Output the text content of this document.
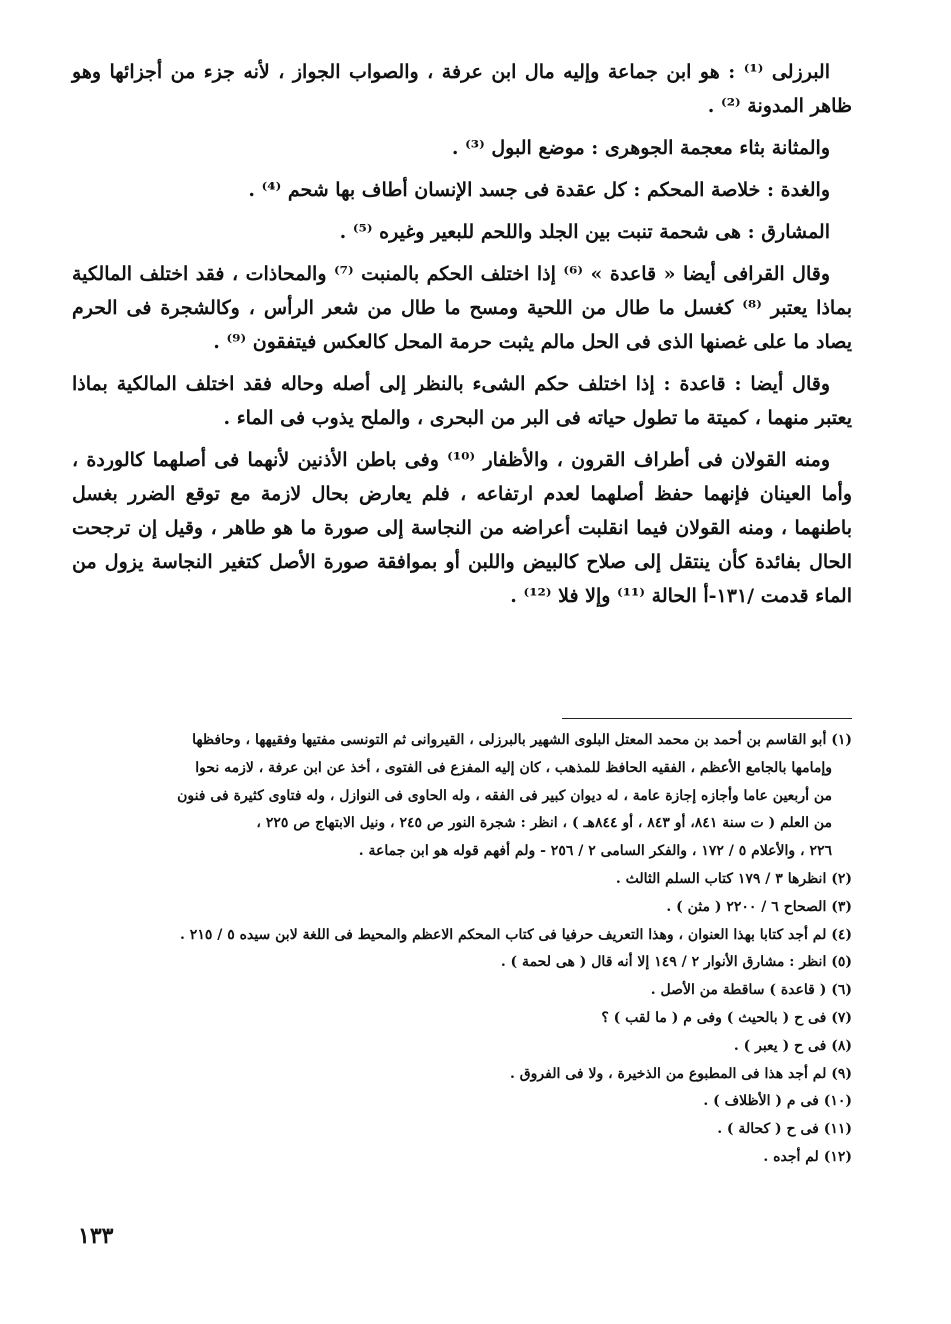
البرزلى ⁽¹⁾ : هو ابن جماعة وإليه مال ابن عرفة ، والصواب الجواز ، لأنه جزء من أجزائها وهو ظاهر المدونة ⁽²⁾ .

والمثانة بثاء معجمة الجوهرى : موضع البول ⁽³⁾ .

والغدة : خلاصة المحكم : كل عقدة فى جسد الإنسان أطاف بها شحم ⁽⁴⁾ .

المشارق : هى شحمة تنبت بين الجلد واللحم للبعير وغيره ⁽⁵⁾ .

وقال القرافى أيضا « قاعدة » ⁽⁶⁾ إذا اختلف الحكم بالمنبت ⁽⁷⁾ والمحاذات ، فقد اختلف المالكية بماذا يعتبر ⁽⁸⁾ كغسل ما طال من اللحية ومسح ما طال من شعر الرأس ، وكالشجرة فى الحرم يصاد ما على غصنها الذى فى الحل مالم يثبت حرمة المحل كالعكس فيتفقون ⁽⁹⁾ .

وقال أيضا : قاعدة : إذا اختلف حكم الشىء بالنظر إلى أصله وحاله فقد اختلف المالكية بماذا يعتبر منهما ، كميتة ما تطول حياته فى البر من البحرى ، والملح يذوب فى الماء .

ومنه القولان فى أطراف القرون ، والأظفار ⁽¹⁰⁾ وفى باطن الأذنين لأنهما فى أصلهما كالوردة ، وأما العينان فإنهما حفظ أصلهما لعدم ارتفاعه ، فلم يعارض بحال لازمة مع توقع الضرر بغسل باطنهما ، ومنه القولان فيما انقلبت أعراضه من النجاسة إلى صورة ما هو طاهر ، وقيل إن ترجحت الحال بفائدة كأن ينتقل إلى صلاح كالبيض واللبن أو بموافقة صورة الأصل كتغير النجاسة يزول من الماء قدمت /١٣١-أ الحالة ⁽¹¹⁾ وإلا فلا ⁽¹²⁾ .

(١) أبو القاسم بن أحمد بن محمد المعتل البلوى الشهير بالبرزلى ، القيروانى ثم التونسى مفتيها وفقيهها ، وحافظها

وإمامها بالجامع الأعظم ، الفقيه الحافظ للمذهب ، كان إليه المفزع فى الفتوى ، أخذ عن ابن عرفة ، لازمه نحوا

من أربعين عاما وأجازه إجازة عامة ، له ديوان كبير فى الفقه ، وله الحاوى فى النوازل ، وله فتاوى كثيرة فى فنون

من العلم ( ت سنة ٨٤١، أو ٨٤٣ ، أو ٨٤٤هـ ) ، انظر : شجرة النور ص ٢٤٥ ، ونيل الابتهاج ص ٢٢٥ ،

٢٢٦ ، والأعلام ٥ / ١٧٢ ، والفكر السامى ٢ / ٢٥٦ - ولم أفهم قوله هو ابن جماعة .

(٢) انظرها ٣ / ١٧٩ كتاب السلم الثالث .

(٣) الصحاح ٦ / ٢٢٠٠ ( مثن ) .

(٤) لم أجد كتابا بهذا العنوان ، وهذا التعريف حرفيا فى كتاب المحكم الاعظم والمحيط فى اللغة لابن سيده ٥ / ٢١٥ .

(٥) انظر : مشارق الأنوار ٢ / ١٤٩ إلا أنه قال ( هى لحمة ) .

(٦) ( قاعدة ) ساقطة من الأصل .

(٧) فى ح ( بالحيث ) وفى م ( ما لقب ) ؟

(٨) فى ح ( يعبر ) .

(٩) لم أجد هذا فى المطبوع من الذخيرة ، ولا فى الفروق .

(١٠) فى م ( الأظلاف ) .

(١١) فى ح ( كحالة ) .

(١٢) لم أجده .

١٣٣
